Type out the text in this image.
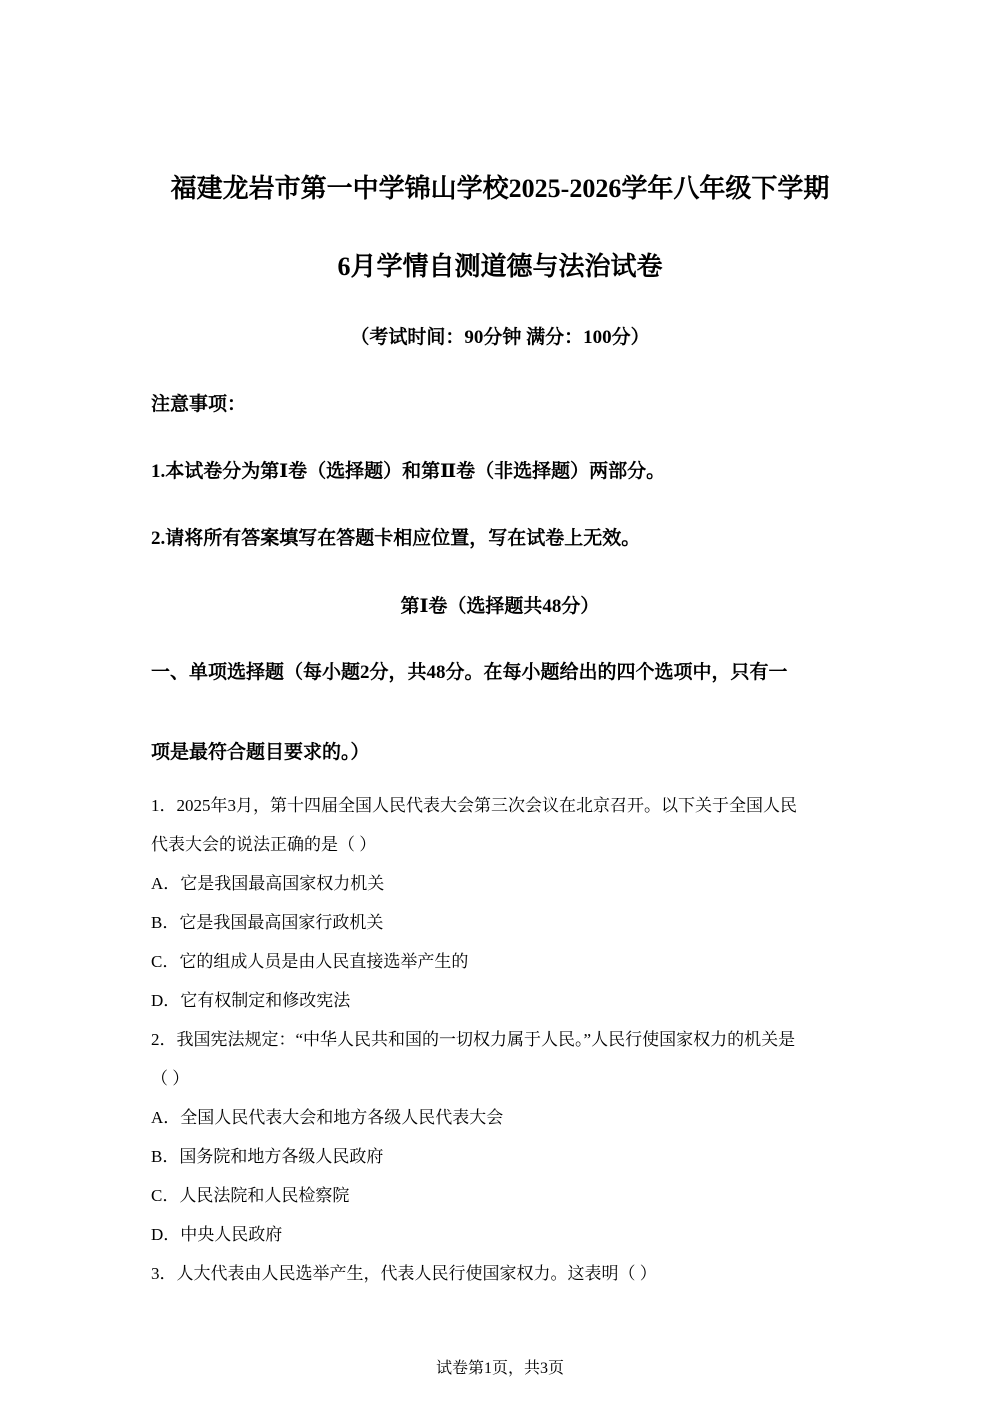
福建龙岩市第一中学锦山学校2025-2026学年八年级下学期
6月学情自测道德与法治试卷
（考试时间：90分钟 满分：100分）
注意事项：
1.本试卷分为第Ⅰ卷（选择题）和第Ⅱ卷（非选择题）两部分。
2.请将所有答案填写在答题卡相应位置，写在试卷上无效。
第Ⅰ卷（选择题共48分）
一、单项选择题（每小题2分，共48分。在每小题给出的四个选项中，只有一
项是最符合题目要求的。）
1．2025年3月，第十四届全国人民代表大会第三次会议在北京召开。以下关于全国人民
代表大会的说法正确的是（ ）
A．它是我国最高国家权力机关
B．它是我国最高国家行政机关
C．它的组成人员是由人民直接选举产生的
D．它有权制定和修改宪法
2．我国宪法规定：“中华人民共和国的一切权力属于人民。”人民行使国家权力的机关是
（ ）
A．全国人民代表大会和地方各级人民代表大会
B．国务院和地方各级人民政府
C．人民法院和人民检察院
D．中央人民政府
3．人大代表由人民选举产生，代表人民行使国家权力。这表明（ ）
试卷第1页，共3页
